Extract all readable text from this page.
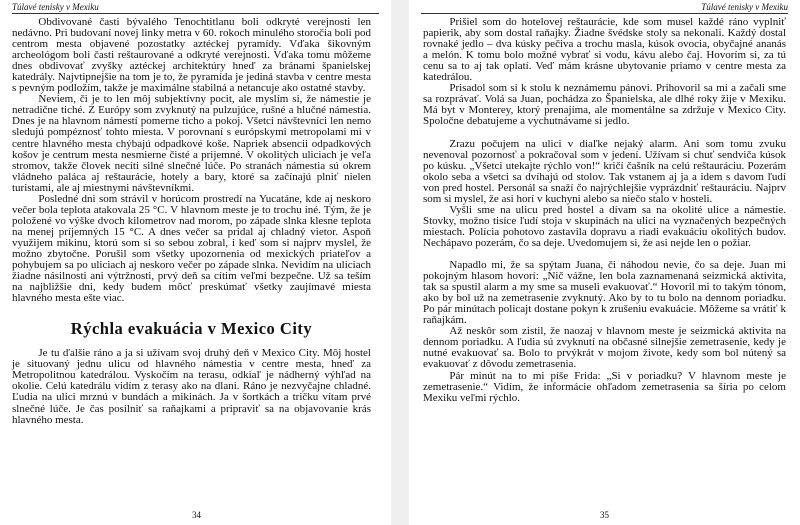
Túlavé tenisky v Mexiku

Obdivované časti bývalého Tenochtitlanu boli odkryté verejnosti len nedávno. Pri budovaní novej linky metra v 60. rokoch minulého storočia boli pod centrom mesta objavené pozostatky aztéckej pyramídy. Vďaka šikovným archeológom boli časti reštaurované a odkryté verejnosti. Vďaka tomu môžeme dnes obdivovať zvyšky aztéckej architektúry hneď za bránami španielskej katedrály. Najvtipnejšie na tom je to, že pyramída je jediná stavba v centre mesta s pevným podložím, takže je maximálne stabilná a netancuje ako ostatné stavby.

Neviem, či je to len môj subjektívny pocit, ale myslím si, že námestie je netradične tiché. Z Európy som zvyknutý na pulzujúce, rušné a hlučné námestia. Dnes je na hlavnom námestí pomerne ticho a pokoj. Všetci návštevníci len nemo sledujú pompéznosť tohto miesta. V porovnaní s európskymi metropolami mi v centre hlavného mesta chýbajú odpadkové koše. Napriek absencii odpadkových košov je centrum mesta nesmierne čisté a prijemné. V okolitých uliciach je veľa stromov, takže človek necíti silné slnečné lúče. Po stranách námestia sú okrem vládneho paláca aj reštaurácie, hotely a bary, ktoré sa začínajú plniť nielen turistami, ale aj miestnymi návštevníkmi.

Posledné dni som strávil v horúcom prostredí na Yucatáne, kde aj neskoro večer bola teplota atakovala 25 °C. V hlavnom meste je to trochu iné. Tým, že je položené vo výške dvoch kilometrov nad morom, po západe slnka klesne teplota na menej príjemných 15 °C. A dnes večer sa pridal aj chladný vietor. Aspoň využijem mikinu, ktorú som si so sebou zobral, i keď som si najprv myslel, že možno zbytočne. Porušil som všetky upozornenia od mexických priateľov a pohybujem sa po uliciach aj neskoro večer po západe slnka. Nevidím na uliciach žiadne násilnosti ani výtržnosti, prvý deň sa cítim veľmi bezpečne. Už sa teším na najbližšie dni, kedy budem môcť preskúmať všetky zaujímavé miesta hlavného mesta ešte viac.

Rýchla evakuácia v Mexico City

Je tu ďalšie ráno a ja si užívam svoj druhý deň v Mexico City. Môj hostel je situovaný jednu ulicu od hlavného námestia v centre mesta, hneď za Metropolitnou katedrálou. Vyskočím na terasu, odkiaľ je nádherný výhľad na okolie. Celú katedrálu vidím z terasy ako na dlani. Ráno je nezvyčajne chladné. Ľudia na ulici mrznú v bundách a mikinách. Ja v šortkách a tričku vítam prvé slnečné lúče. Je čas posilniť sa raňajkami a pripraviť sa na objavovanie krás hlavného mesta.

34
Túlavé tenisky v Mexiku

Prišiel som do hotelovej reštaurácie, kde som musel každé ráno vyplniť papierik, aby som dostal raňajky. Žiadne švédske stoly sa nekonali. Každý dostal rovnaké jedlo – dva kúsky pečiva a trochu masla, kúsok ovocia, obyčajné ananás a melón. K tomu bolo možné vybrať si vodu, kávu alebo čaj. Hovorím si, za tú cenu sa to aj tak oplatí. Veď mám krásne ubytovanie priamo v centre mesta za katedrálou.

Prisadol som si k stolu k neznámemu pánovi. Prihovoril sa mi a začali sme sa rozprávať. Volá sa Juan, pochádza zo Španielska, ale dlhé roky žije v Mexiku. Má byt v Monterey, ktorý prenajíma, ale momentálne sa zdržuje v Mexico City. Spoločne debatujeme a vychutnávame si jedlo.

Zrazu počujem na ulici v diaľke nejaký alarm. Ani som tomu zvuku nevenoval pozornosť a pokračoval som v jedení. Užívam si chuť sendviča kúsok po kúsku. „Všetci utekajte rýchlo von!“ kričí čašník na celú reštauráciu. Pozerám okolo seba a všetci sa dvíhajú od stolov. Tak vstanem aj ja a idem s davom ľudí von pred hostel. Personál sa snaží čo najrýchlejšie vyprázdniť reštauráciu. Najprv som si myslel, že asi horí v kuchyni alebo sa niečo stalo v hosteli.

Vyšli sme na ulicu pred hostel a dívam sa na okolité ulice a námestie. Stovky, možno tisíce ľudí stoja v skupinách na ulici na vyznačených bezpečných miestach. Polícia pohotovo zastavila dopravu a riadi evakuáciu okolitých budov. Nechápavo pozerám, čo sa deje. Uvedomujem si, že asi nejde len o požiar.

Napadlo mi, že sa spýtam Juana, či náhodou nevie, čo sa deje. Juan mi pokojným hlasom hovorí: „Nič vážne, len bola zaznamenaná seizmická aktivita, tak sa spustil alarm a my sme sa museli evakuovať.“ Hovoril mi to takým tónom, ako by bol už na zemetrasenie zvyknutý. Ako by to tu bolo na dennom poriadku. Po pár minútach policajt dostane pokyn k zrušeniu evakuácie. Môžeme sa vrátiť k raňajkám.

Až neskôr som zistil, že naozaj v hlavnom meste je seizmická aktivita na dennom poriadku. A ľudia sú zvyknutí na občasné silnejšie zemetrasenie, kedy je nutné evakuovať sa. Bolo to prvýkrát v mojom živote, kedy som bol nútený sa evakuovať z dôvodu zemetrasenia.

Pár minút na to mi píše Frida: „Si v poriadku? V hlavnom meste je zemetrasenie.“ Vidím, že informácie ohľadom zemetrasenia sa šíria po celom Mexiku veľmi rýchlo.

35
